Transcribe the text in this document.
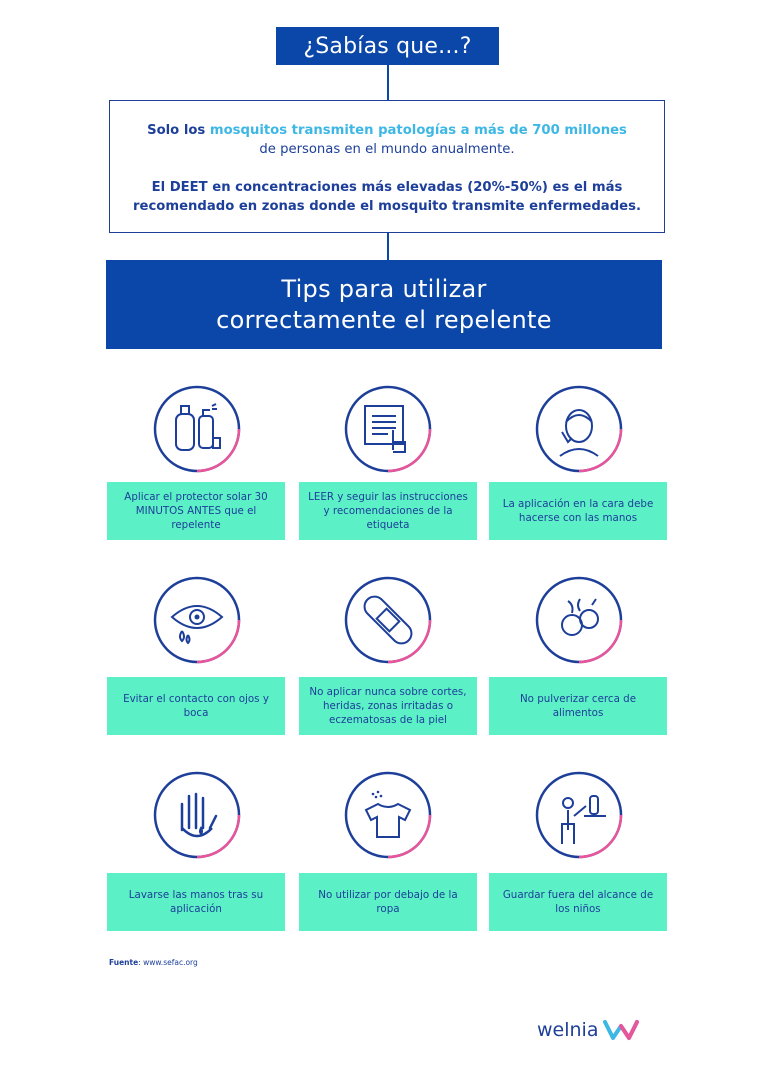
¿Sabías que...?
Solo los mosquitos transmiten patologías a más de 700 millones
de personas en el mundo anualmente.
El DEET en concentraciones más elevadas (20%-50%) es el más
recomendado en zonas donde el mosquito transmite enfermedades.
Tips para utilizar
correctamente el repelente
Aplicar el protector solar 30 MINUTOS ANTES que el repelente
LEER y seguir las instrucciones y recomendaciones de la etiqueta
La aplicación en la cara debe hacerse con las manos
Evitar el contacto con ojos y boca
No aplicar nunca sobre cortes, heridas, zonas irritadas o eczematosas de la piel
No pulverizar cerca de alimentos
Lavarse las manos tras su aplicación
No utilizar por debajo de la ropa
Guardar fuera del alcance de los niños
Fuente: www.sefac.org
welnia
